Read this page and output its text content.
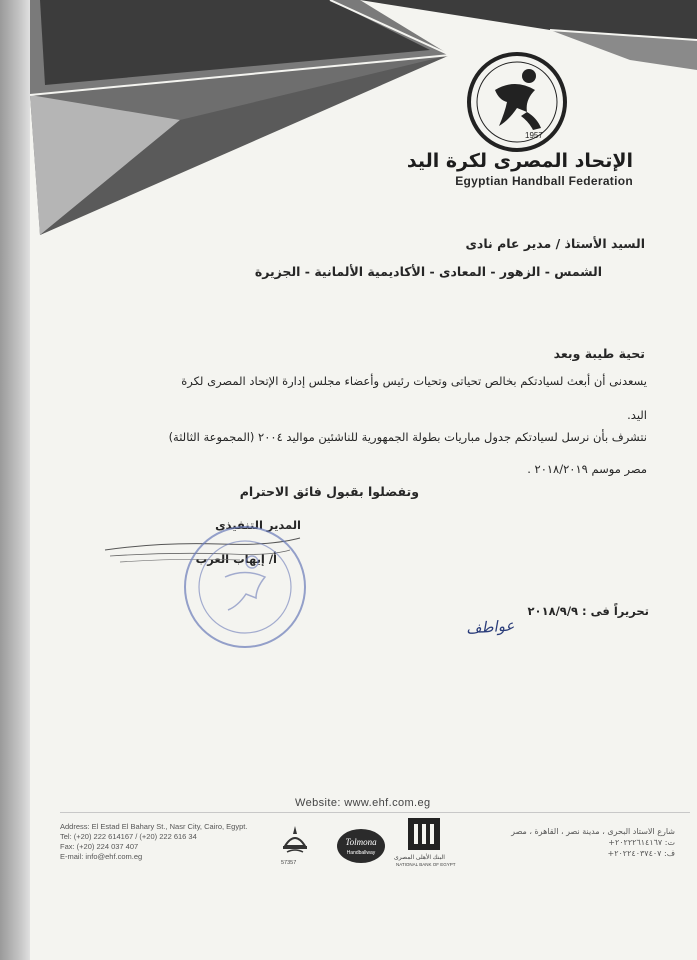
1957
الإتحاد المصرى لكرة اليد
Egyptian Handball Federation
السيد الأستاذ / مدير عام نادى
الشمس - الزهور - المعادى - الأكاديمية الألمانية - الجزيرة
تحية طيبة وبعد
يسعدنى أن أبعث لسيادتكم بخالص تحياتى وتحيات رئيس وأعضاء مجلس إدارة الإتحاد المصرى لكرة
اليد.
نتشرف بأن نرسل لسيادتكم جدول مباريات بطولة الجمهورية للناشئين مواليد ٢٠٠٤ (المجموعة الثالثة)
مصر موسم ٢٠١٨/٢٠١٩ .
وتفضلوا بقبول فائق الاحترام
المدير التنفيذى
أ/ إيهاب العرب
تحريراً فى : ٢٠١٨/٩/٩
عواطف
Website: www.ehf.com.eg
Address: El Estad El Bahary St., Nasr City, Cairo, Egypt.
Tel: (+20) 222 614167 / (+20) 222 616 34
Fax: (+20) 224 037 407
E-mail: info@ehf.com.eg
57357
Tolmona
Handballway
البنك الأهلى المصرى
NATIONAL BANK OF EGYPT
شارع الاستاد البحرى ، مدينة نصر ، القاهرة ، مصر
ت: ٢٠٢٢٢٦١٤١٦٧+
ف: ٢٠٢٢٤٠٣٧٤٠٧+
